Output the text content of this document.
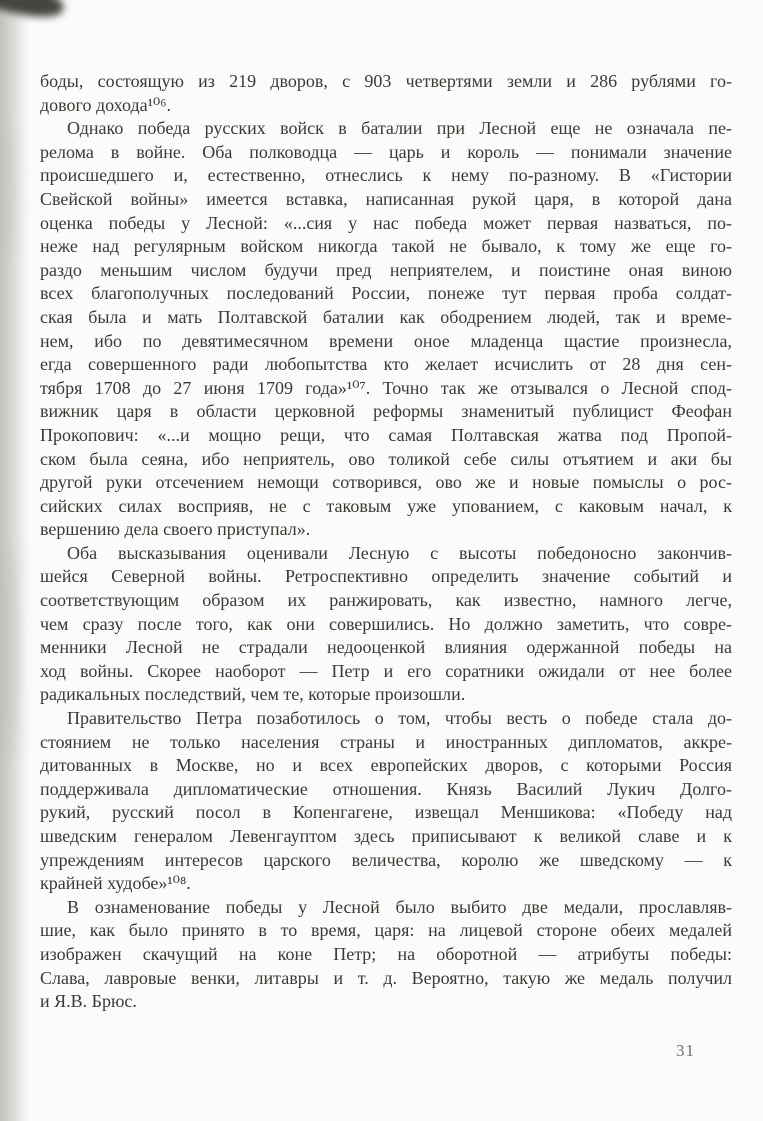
боды, состоящую из 219 дворов, с 903 четвертями земли и 286 рублями го-
дового дохода¹⁰⁶.
Однако победа русских войск в баталии при Лесной еще не означала пе-
релома в войне. Оба полководца — царь и король — понимали значение
происшедшего и, естественно, отнеслись к нему по-разному. В «Гистории
Свейской войны» имеется вставка, написанная рукой царя, в которой дана
оценка победы у Лесной: «...сия у нас победа может первая назваться, по-
неже над регулярным войском никогда такой не бывало, к тому же еще го-
раздо меньшим числом будучи пред неприятелем, и поистине оная виною
всех благополучных последований России, понеже тут первая проба солдат-
ская была и мать Полтавской баталии как ободрением людей, так и време-
нем, ибо по девятимесячном времени оное младенца щастие произнесла,
егда совершенного ради любопытства кто желает исчислить от 28 дня сен-
тября 1708 до 27 июня 1709 года»¹⁰⁷. Точно так же отзывался о Лесной спод-
вижник царя в области церковной реформы знаменитый публицист Феофан
Прокопович: «...и мощно рещи, что самая Полтавская жатва под Пропой-
ском была сеяна, ибо неприятель, ово толикой себе силы отъятием и аки бы
другой руки отсечением немощи сотворився, ово же и новые помыслы о рос-
сийских силах восприяв, не с таковым уже упованием, с каковым начал, к
вершению дела своего приступал».
Оба высказывания оценивали Лесную с высоты победоносно закончив-
шейся Северной войны. Ретроспективно определить значение событий и
соответствующим образом их ранжировать, как известно, намного легче,
чем сразу после того, как они совершились. Но должно заметить, что совре-
менники Лесной не страдали недооценкой влияния одержанной победы на
ход войны. Скорее наоборот — Петр и его соратники ожидали от нее более
радикальных последствий, чем те, которые произошли.
Правительство Петра позаботилось о том, чтобы весть о победе стала до-
стоянием не только населения страны и иностранных дипломатов, аккре-
дитованных в Москве, но и всех европейских дворов, с которыми Россия
поддерживала дипломатические отношения. Князь Василий Лукич Долго-
рукий, русский посол в Копенгагене, извещал Меншикова: «Победу над
шведским генералом Левенгауптом здесь приписывают к великой славе и к
упреждениям интересов царского величества, королю же шведскому — к
крайней худобе»¹⁰⁸.
В ознаменование победы у Лесной было выбито две медали, прославляв-
шие, как было принято в то время, царя: на лицевой стороне обеих медалей
изображен скачущий на коне Петр; на оборотной — атрибуты победы:
Слава, лавровые венки, литавры и т. д. Вероятно, такую же медаль получил
и Я.В. Брюс.
31
